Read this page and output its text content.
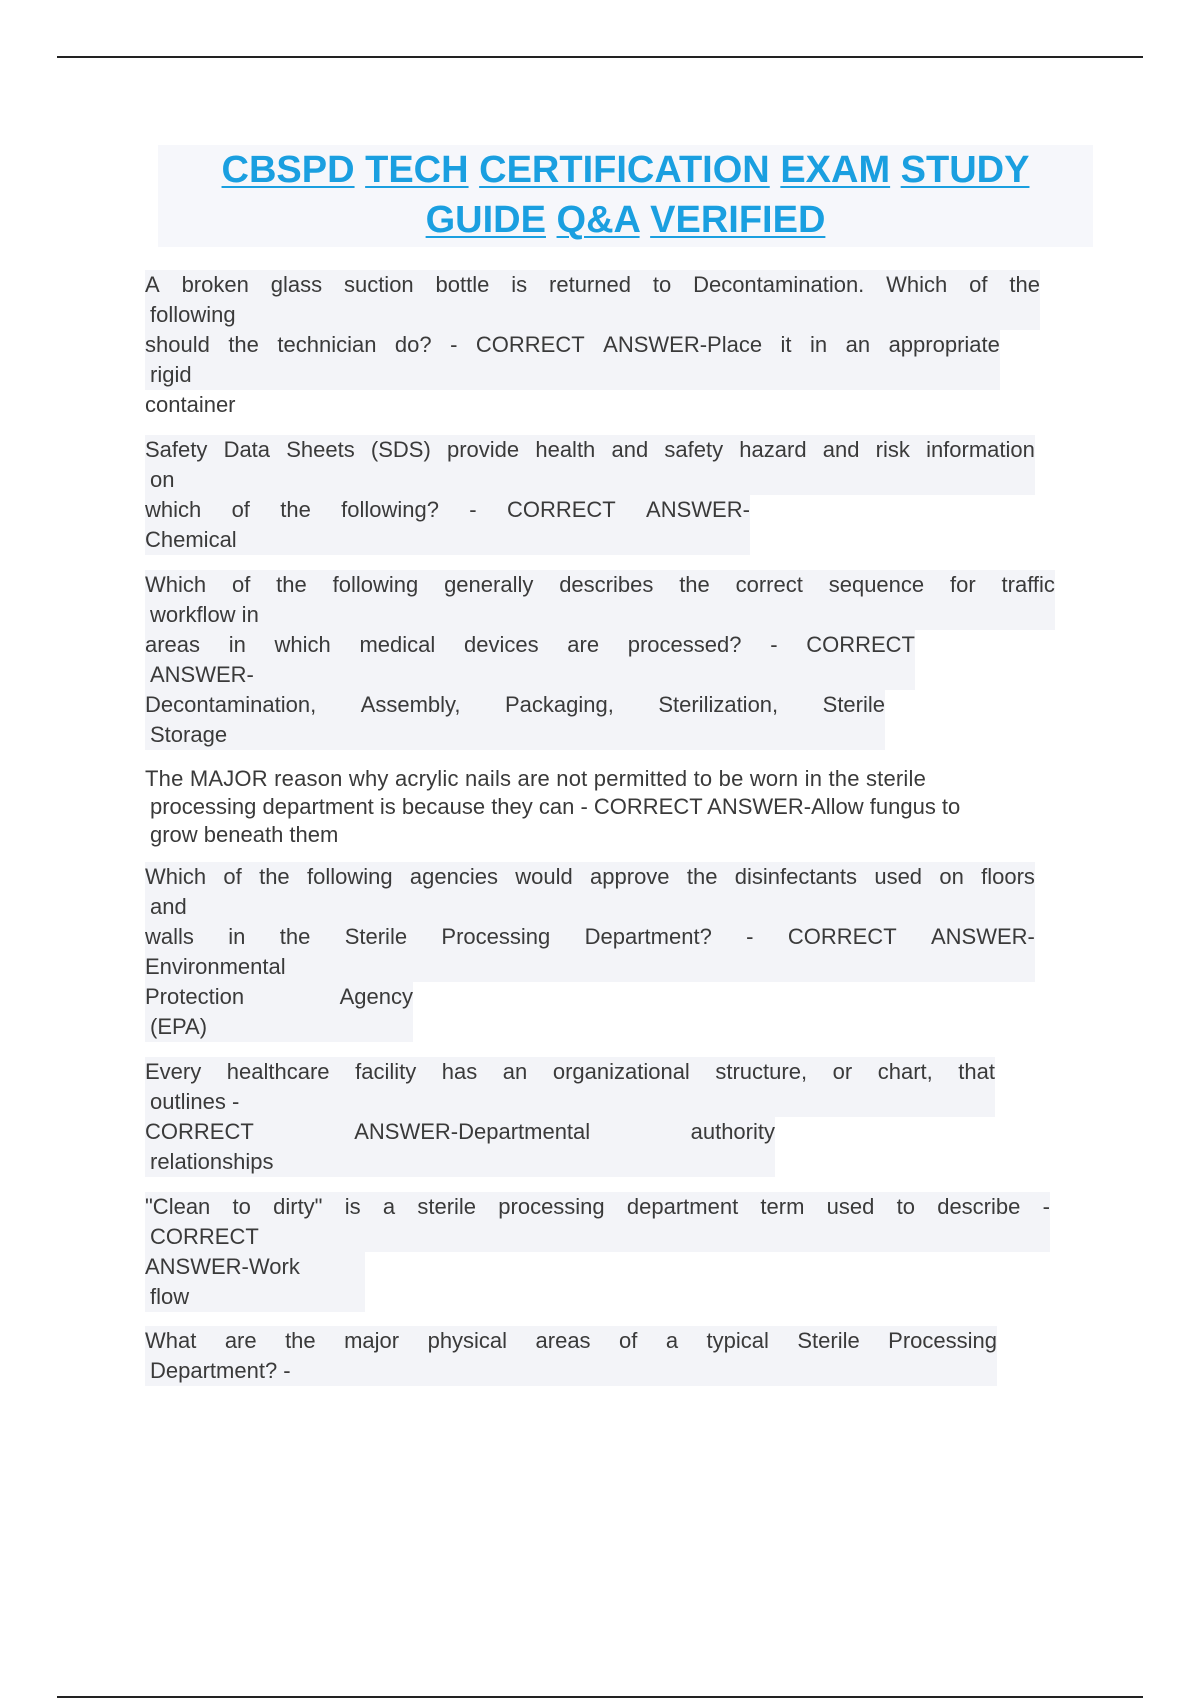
CBSPD TECH CERTIFICATION EXAM STUDY
GUIDE Q&A VERIFIED
A broken glass suction bottle is returned to Decontamination. Which of the
following
should the technician do? - CORRECT ANSWER-Place it in an appropriate
rigid
container
Safety Data Sheets (SDS) provide health and safety hazard and risk information
on
which of the following? - CORRECT ANSWER-
Chemical
Which of the following generally describes the correct sequence for traffic
workflow in
areas in which medical devices are processed? - CORRECT
ANSWER-
Decontamination, Assembly, Packaging, Sterilization, Sterile
Storage
The MAJOR reason why acrylic nails are not permitted to be worn in the sterile
processing department is because they can - CORRECT ANSWER-Allow fungus to
grow beneath them
Which of the following agencies would approve the disinfectants used on floors
and
walls in the Sterile Processing Department? - CORRECT ANSWER-
Environmental
Protection	Agency
(EPA)
Every healthcare facility has an organizational structure, or chart, that
outlines -
CORRECT	ANSWER-Departmental	authority
relationships
"Clean to dirty" is a sterile processing department term used to describe -
CORRECT
ANSWER-Work
flow
What are the major physical areas of a typical Sterile Processing
Department? -
